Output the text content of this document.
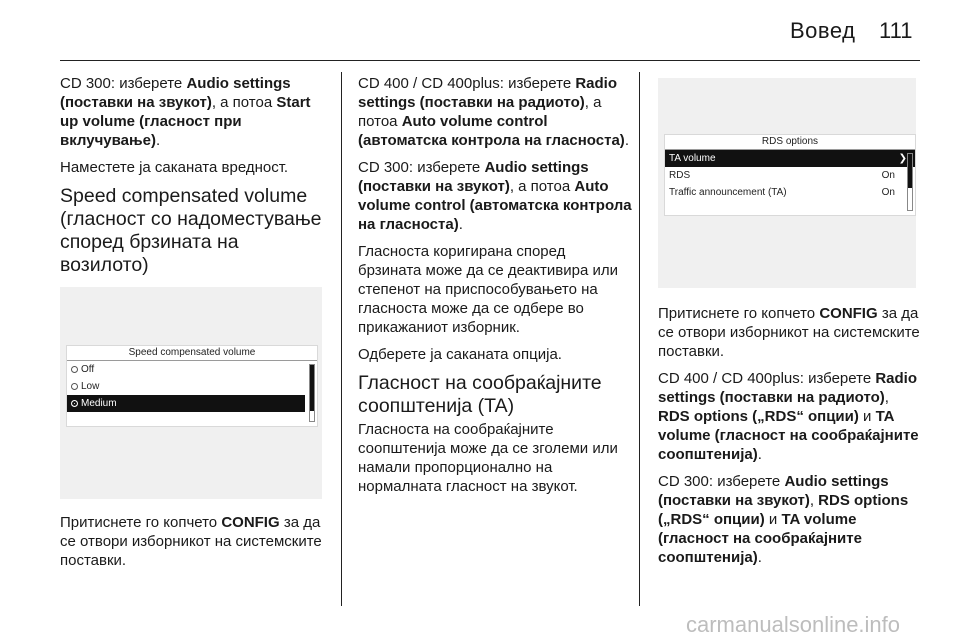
Вовед 111

CD 300: изберете Audio settings (поставки на звукот), а потоа Start up volume (гласност при вклучување).

Наместете ја саканата вредност.

Speed compensated volume (гласност со надоместување според брзината на возилото)
Speed compensated volume
Off
Low
Medium

Притиснете го копчето CONFIG за да се отвори изборникот на системските поставки.

CD 400 / CD 400plus: изберете Radio settings (поставки на радиото), а потоа Auto volume control (автоматска контрола на гласноста).

CD 300: изберете Audio settings (поставки на звукот), а потоа Auto volume control (автоматска контрола на гласноста).

Гласноста коригирана според брзината може да се деактивира или степенот на приспособувањето на гласноста може да се одбере во прикажаниот изборник.

Одберете ја саканата опција.

Гласност на сообраќајните соопштенија (TA)

Гласноста на сообраќајните соопштенија може да се зголеми или намали пропорционално на нормалната гласност на звукот.

RDS options
TA volume	❯
RDS	On
Traffic announcement (TA)	On

Притиснете го копчето CONFIG за да се отвори изборникот на системските поставки.

CD 400 / CD 400plus: изберете Radio settings (поставки на радиото), RDS options („RDS“ опции) и TA volume (гласност на сообраќајните соопштенија).

CD 300: изберете Audio settings (поставки на звукот), RDS options („RDS“ опции) и TA volume (гласност на сообраќајните соопштенија).

carmanualsonline.info
